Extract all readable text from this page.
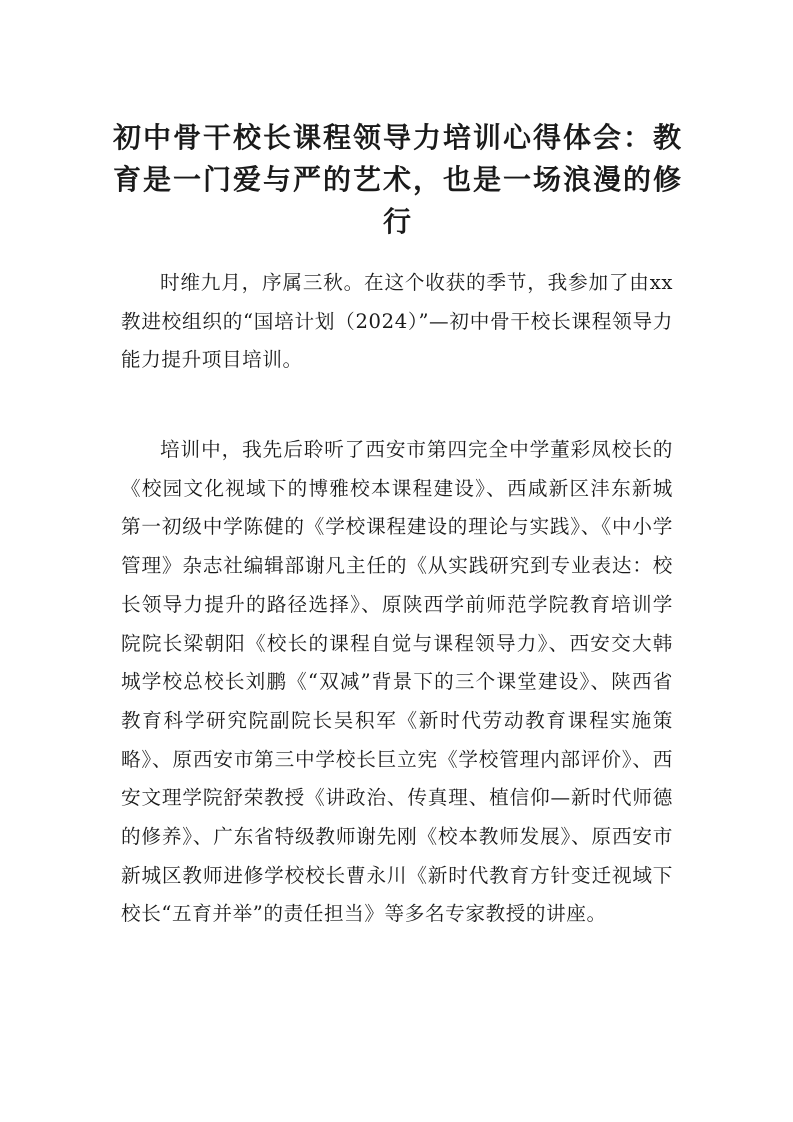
初中骨干校长课程领导力培训心得体会：教育是一门爱与严的艺术，也是一场浪漫的修行

时维九月，序属三秋。在这个收获的季节，我参加了由xx教进校组织的“国培计划（2024）”—初中骨干校长课程领导力能力提升项目培训。

培训中，我先后聆听了西安市第四完全中学董彩凤校长的《校园文化视域下的博雅校本课程建设》、西咸新区沣东新城第一初级中学陈健的《学校课程建设的理论与实践》、《中小学管理》杂志社编辑部谢凡主任的《从实践研究到专业表达：校长领导力提升的路径选择》、原陕西学前师范学院教育培训学院院长梁朝阳《校长的课程自觉与课程领导力》、西安交大韩城学校总校长刘鹏《“双减”背景下的三个课堂建设》、陕西省教育科学研究院副院长吴积军《新时代劳动教育课程实施策略》、原西安市第三中学校长巨立宪《学校管理内部评价》、西安文理学院舒荣教授《讲政治、传真理、植信仰—新时代师德的修养》、广东省特级教师谢先刚《校本教师发展》、原西安市新城区教师进修学校校长曹永川《新时代教育方针变迁视域下校长“五育并举”的责任担当》等多名专家教授的讲座。
